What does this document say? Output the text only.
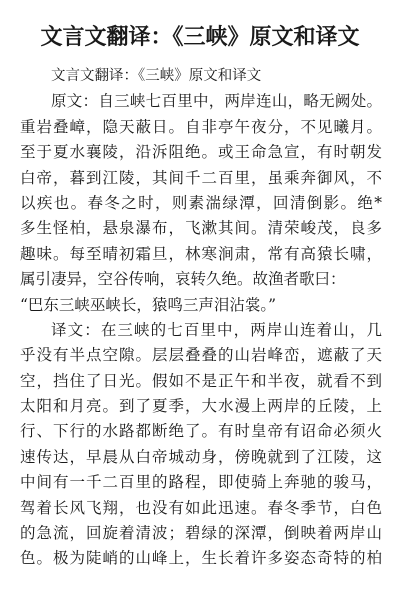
文言文翻译：《三峡》原文和译文
文言文翻译：《三峡》原文和译文
原文：自三峡七百里中，两岸连山，略无阙处。
重岩叠嶂，隐天蔽日。自非亭午夜分，不见曦月。
至于夏水襄陵，沿泝阻绝。或王命急宣，有时朝发
白帝，暮到江陵，其间千二百里，虽乘奔御风，不
以疾也。春冬之时，则素湍绿潭，回清倒影。绝*
多生怪柏，悬泉瀑布，飞漱其间。清荣峻茂，良多
趣味。每至晴初霜旦，林寒涧肃，常有高猿长啸，
属引凄异，空谷传响，哀转久绝。故渔者歌曰：
“巴东三峡巫峡长，猿鸣三声泪沾裳。”
译文：在三峡的七百里中，两岸山连着山，几
乎没有半点空隙。层层叠叠的山岩峰峦，遮蔽了天
空，挡住了日光。假如不是正午和半夜，就看不到
太阳和月亮。到了夏季，大水漫上两岸的丘陵，上
行、下行的水路都断绝了。有时皇帝有诏命必须火
速传达，早晨从白帝城动身，傍晚就到了江陵，这
中间有一千二百里的路程，即使骑上奔驰的骏马，
驾着长风飞翔，也没有如此迅速。春冬季节，白色
的急流，回旋着清波；碧绿的深潭，倒映着两岸山
色。极为陡峭的山峰上，生长着许多姿态奇特的柏
